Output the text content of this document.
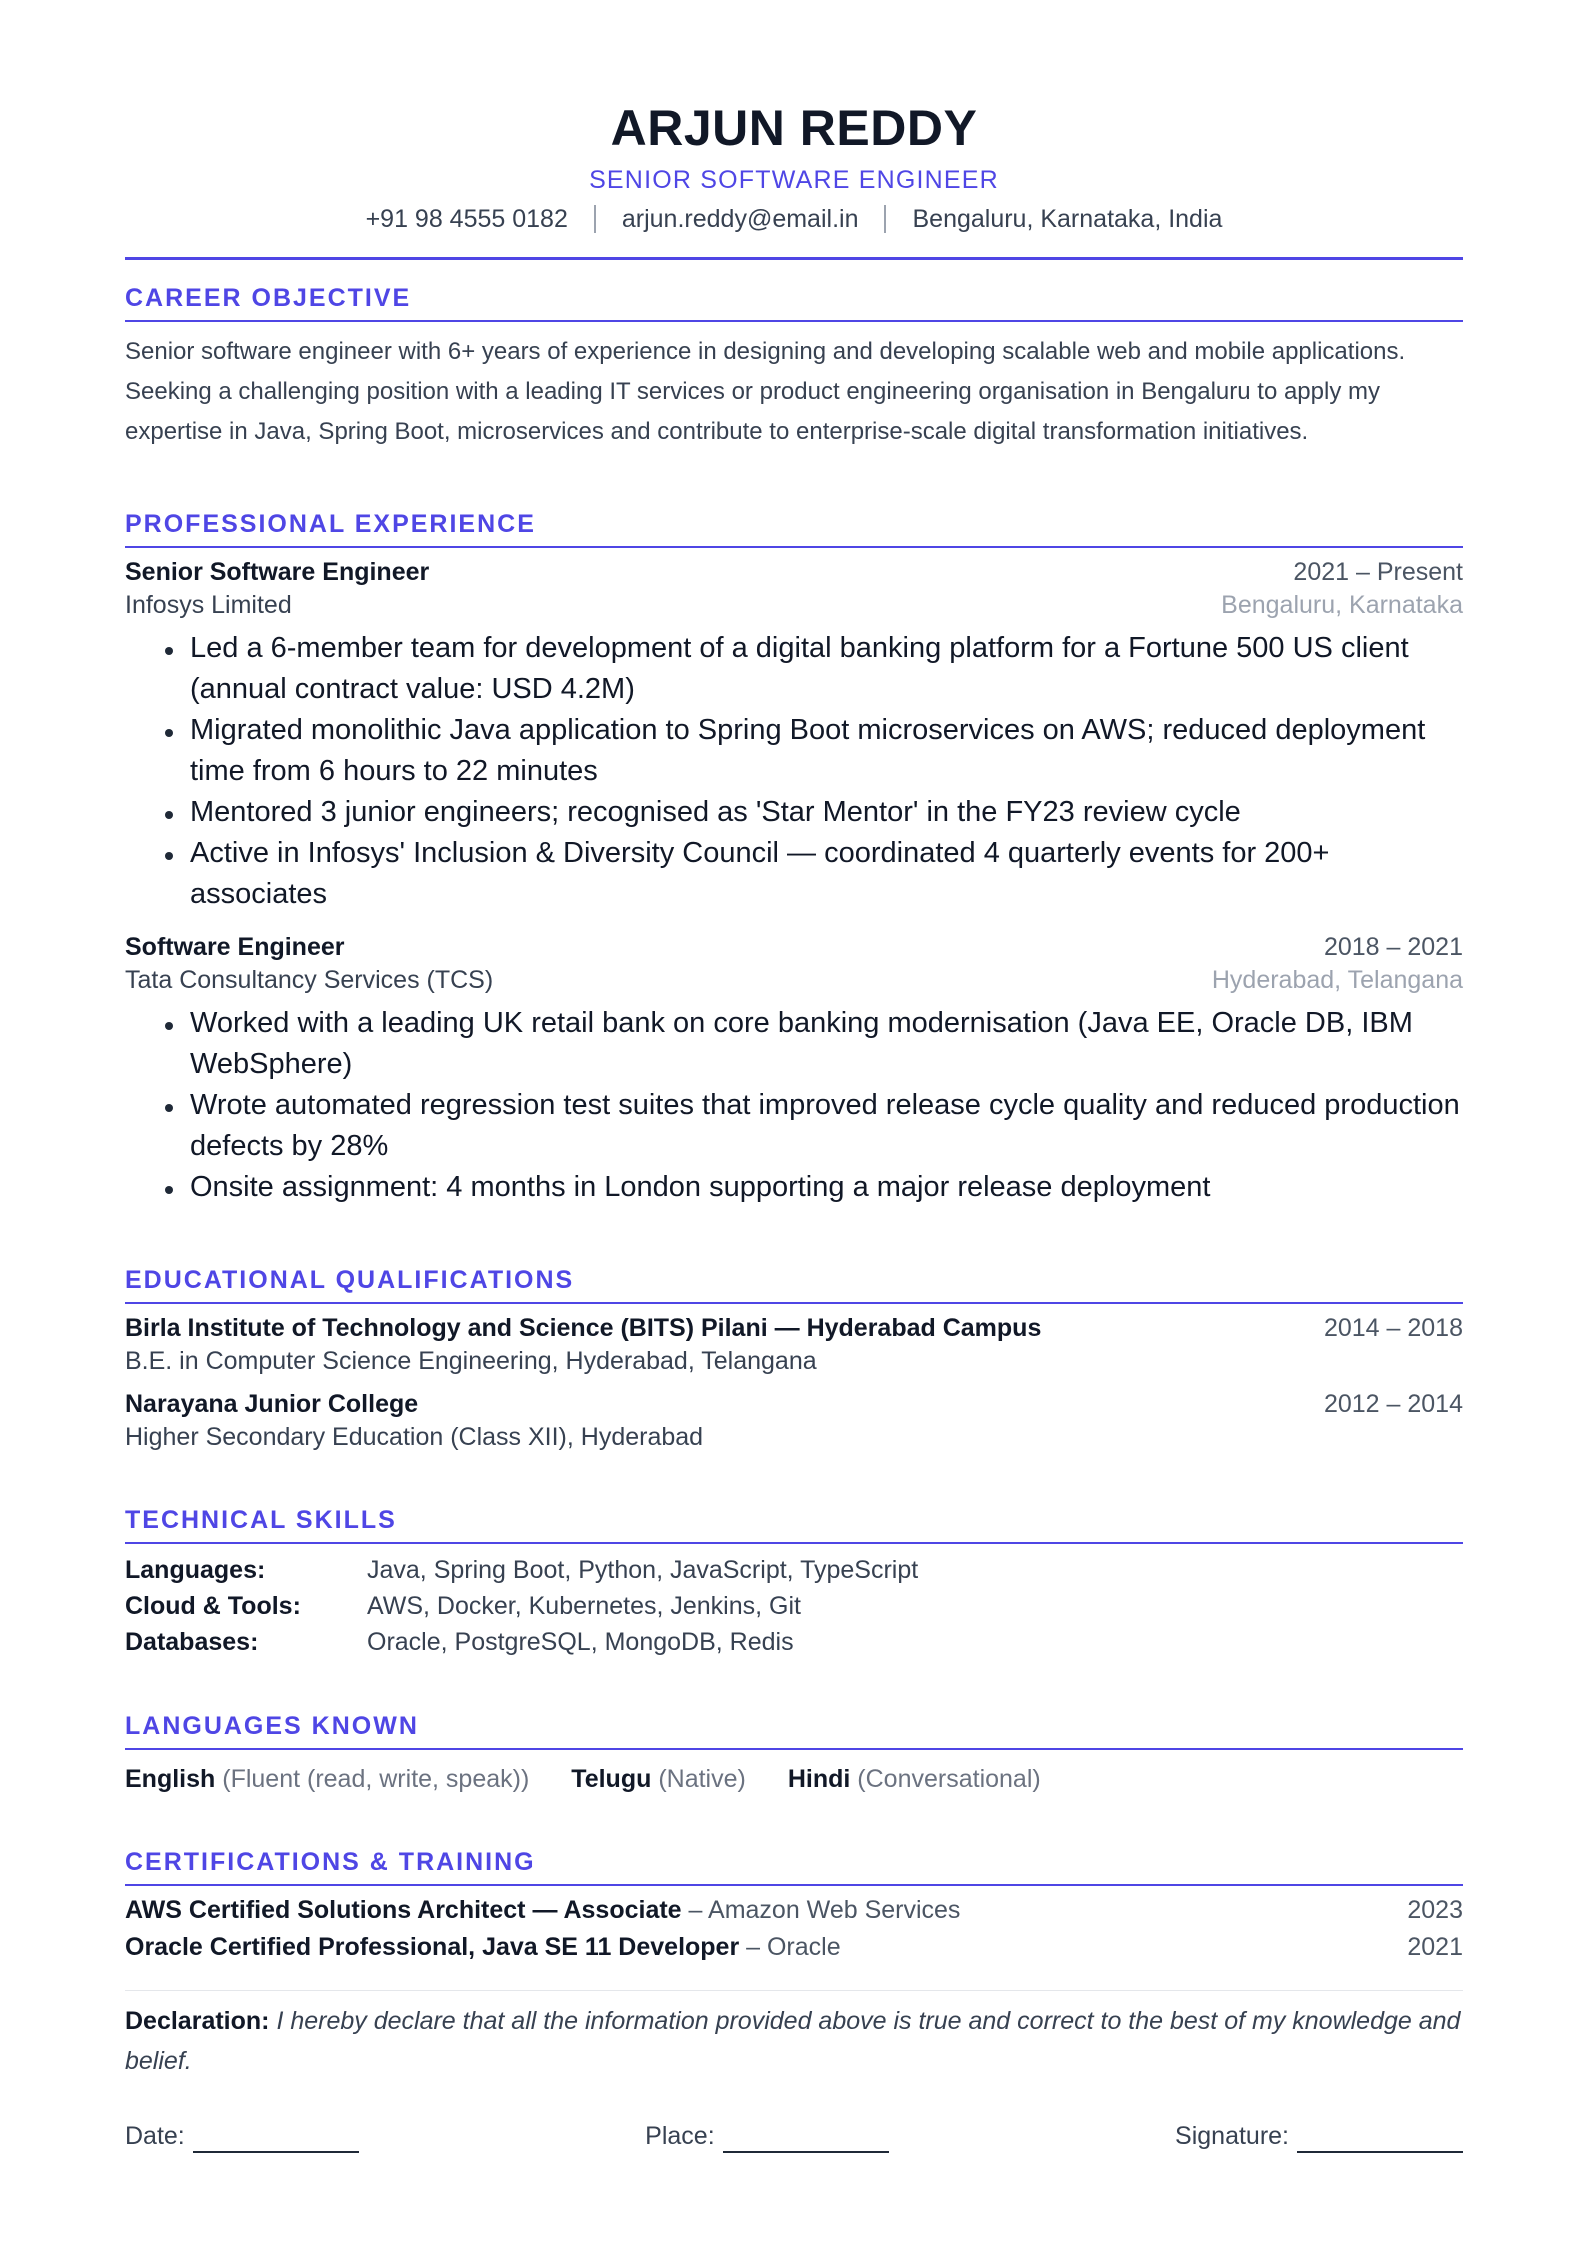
ARJUN REDDY
SENIOR SOFTWARE ENGINEER
+91 98 4555 0182 arjun.reddy@email.in Bengaluru, Karnataka, India
CAREER OBJECTIVE
Senior software engineer with 6+ years of experience in designing and developing scalable web and mobile applications. Seeking a challenging position with a leading IT services or product engineering organisation in Bengaluru to apply my expertise in Java, Spring Boot, microservices and contribute to enterprise-scale digital transformation initiatives.
PROFESSIONAL EXPERIENCE
Senior Software Engineer	2021 – Present
Infosys Limited	Bengaluru, Karnataka
Led a 6-member team for development of a digital banking platform for a Fortune 500 US client (annual contract value: USD 4.2M)
Migrated monolithic Java application to Spring Boot microservices on AWS; reduced deployment time from 6 hours to 22 minutes
Mentored 3 junior engineers; recognised as 'Star Mentor' in the FY23 review cycle
Active in Infosys' Inclusion & Diversity Council — coordinated 4 quarterly events for 200+ associates
Software Engineer	2018 – 2021
Tata Consultancy Services (TCS)	Hyderabad, Telangana
Worked with a leading UK retail bank on core banking modernisation (Java EE, Oracle DB, IBM WebSphere)
Wrote automated regression test suites that improved release cycle quality and reduced production defects by 28%
Onsite assignment: 4 months in London supporting a major release deployment
EDUCATIONAL QUALIFICATIONS
Birla Institute of Technology and Science (BITS) Pilani — Hyderabad Campus	2014 – 2018
B.E. in Computer Science Engineering, Hyderabad, Telangana
Narayana Junior College	2012 – 2014
Higher Secondary Education (Class XII), Hyderabad
TECHNICAL SKILLS
Languages:	Java, Spring Boot, Python, JavaScript, TypeScript
Cloud & Tools:	AWS, Docker, Kubernetes, Jenkins, Git
Databases:	Oracle, PostgreSQL, MongoDB, Redis
LANGUAGES KNOWN
English (Fluent (read, write, speak)) Telugu (Native) Hindi (Conversational)
CERTIFICATIONS & TRAINING
AWS Certified Solutions Architect — Associate – Amazon Web Services	2023
Oracle Certified Professional, Java SE 11 Developer – Oracle	2021
Declaration: I hereby declare that all the information provided above is true and correct to the best of my knowledge and belief.
Date:	Place:	Signature:
